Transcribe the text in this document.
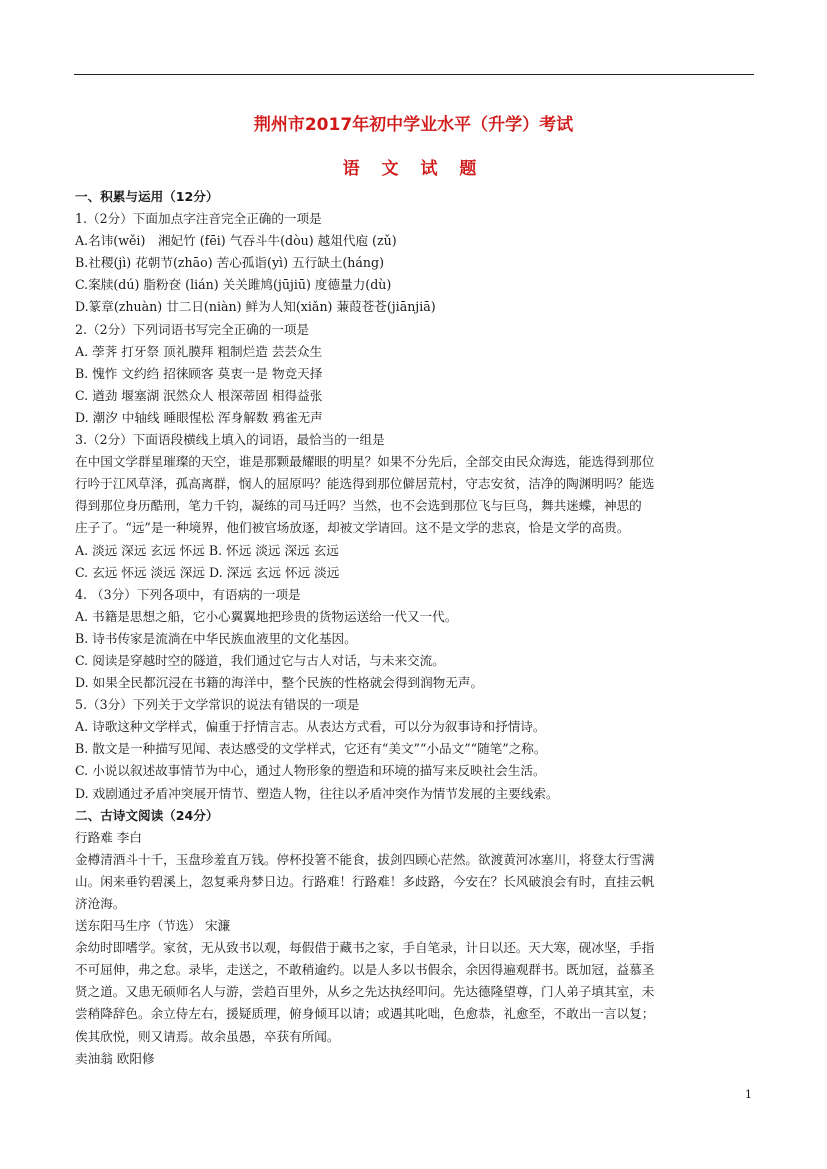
荆州市2017年初中学业水平（升学）考试
语 文 试 题
一、积累与运用（12分）
1.（2分）下面加点字注音完全正确的一项是
A.名讳(wěi)　湘妃竹 (fēi) 气吞斗牛(dòu) 越俎代庖 (zǔ)
B.社稷(jì) 花朝节(zhāo) 苦心孤诣(yì) 五行缺土(háng)
C.案牍(dú) 脂粉奁 (lián) 关关雎鸠(jūjiū) 度德量力(dù)
D.篆章(zhuàn) 廿二日(niàn) 鲜为人知(xiǎn) 蒹葭苍苍(jiānjiā)
2.（2分）下列词语书写完全正确的一项是
A. 荸荠 打牙祭 顶礼膜拜 粗制烂造 芸芸众生
B. 愧怍 文约绉 招徕顾客 莫衷一是 物竞天择
C. 遒劲 堰塞湖 泯然众人 根深蒂固 相得益张
D. 潮汐 中轴线 睡眼惺松 浑身解数 鸦雀无声
3.（2分）下面语段横线上填入的词语，最恰当的一组是
在中国文学群星璀璨的天空，谁是那颗最耀眼的明星？如果不分先后，全部交由民众海选，能选得到那位
行吟于江风草泽，孤高离群，悯人的屈原吗？能选得到那位僻居荒村，守志安贫，洁净的陶渊明吗？能选
得到那位身历酷刑，笔力千钧，凝练的司马迁吗？当然，也不会选到那位飞与巨鸟，舞共迷蝶，神思的
庄子了。“远”是一种境界，他们被官场放逐，却被文学请回。这不是文学的悲哀，恰是文学的高贵。
A. 淡远 深远 玄远 怀远 B. 怀远 淡远 深远 玄远
C. 玄远 怀远 淡远 深远 D. 深远 玄远 怀远 淡远
4. （3分）下列各项中，有语病的一项是
A. 书籍是思想之船，它小心翼翼地把珍贵的货物运送给一代又一代。
B. 诗书传家是流淌在中华民族血液里的文化基因。
C. 阅读是穿越时空的隧道，我们通过它与古人对话，与未来交流。
D. 如果全民都沉浸在书籍的海洋中，整个民族的性格就会得到润物无声。
5.（3分）下列关于文学常识的说法有错误的一项是
A. 诗歌这种文学样式，偏重于抒情言志。从表达方式看，可以分为叙事诗和抒情诗。
B. 散文是一种描写见闻、表达感受的文学样式，它还有“美文”“小品文”“随笔”之称。
C. 小说以叙述故事情节为中心，通过人物形象的塑造和环境的描写来反映社会生活。
D. 戏剧通过矛盾冲突展开情节、塑造人物，往往以矛盾冲突作为情节发展的主要线索。
二、古诗文阅读（24分）
行路难 李白
金樽清酒斗十千，玉盘珍羞直万钱。停杯投箸不能食，拔剑四顾心茫然。欲渡黄河冰塞川，将登太行雪满
山。闲来垂钓碧溪上，忽复乘舟梦日边。行路难！行路难！多歧路，今安在？长风破浪会有时，直挂云帆
济沧海。
送东阳马生序（节选） 宋濂
余幼时即嗜学。家贫，无从致书以观，每假借于藏书之家，手自笔录，计日以还。天大寒，砚冰坚，手指
不可屈伸，弗之怠。录毕，走送之，不敢稍逾约。以是人多以书假余，余因得遍观群书。既加冠，益慕圣
贤之道。又患无硕师名人与游，尝趋百里外，从乡之先达执经叩问。先达德隆望尊，门人弟子填其室，未
尝稍降辞色。余立侍左右，援疑质理，俯身倾耳以请；或遇其叱咄，色愈恭，礼愈至，不敢出一言以复；
俟其欣悦，则又请焉。故余虽愚，卒获有所闻。
卖油翁 欧阳修
1
